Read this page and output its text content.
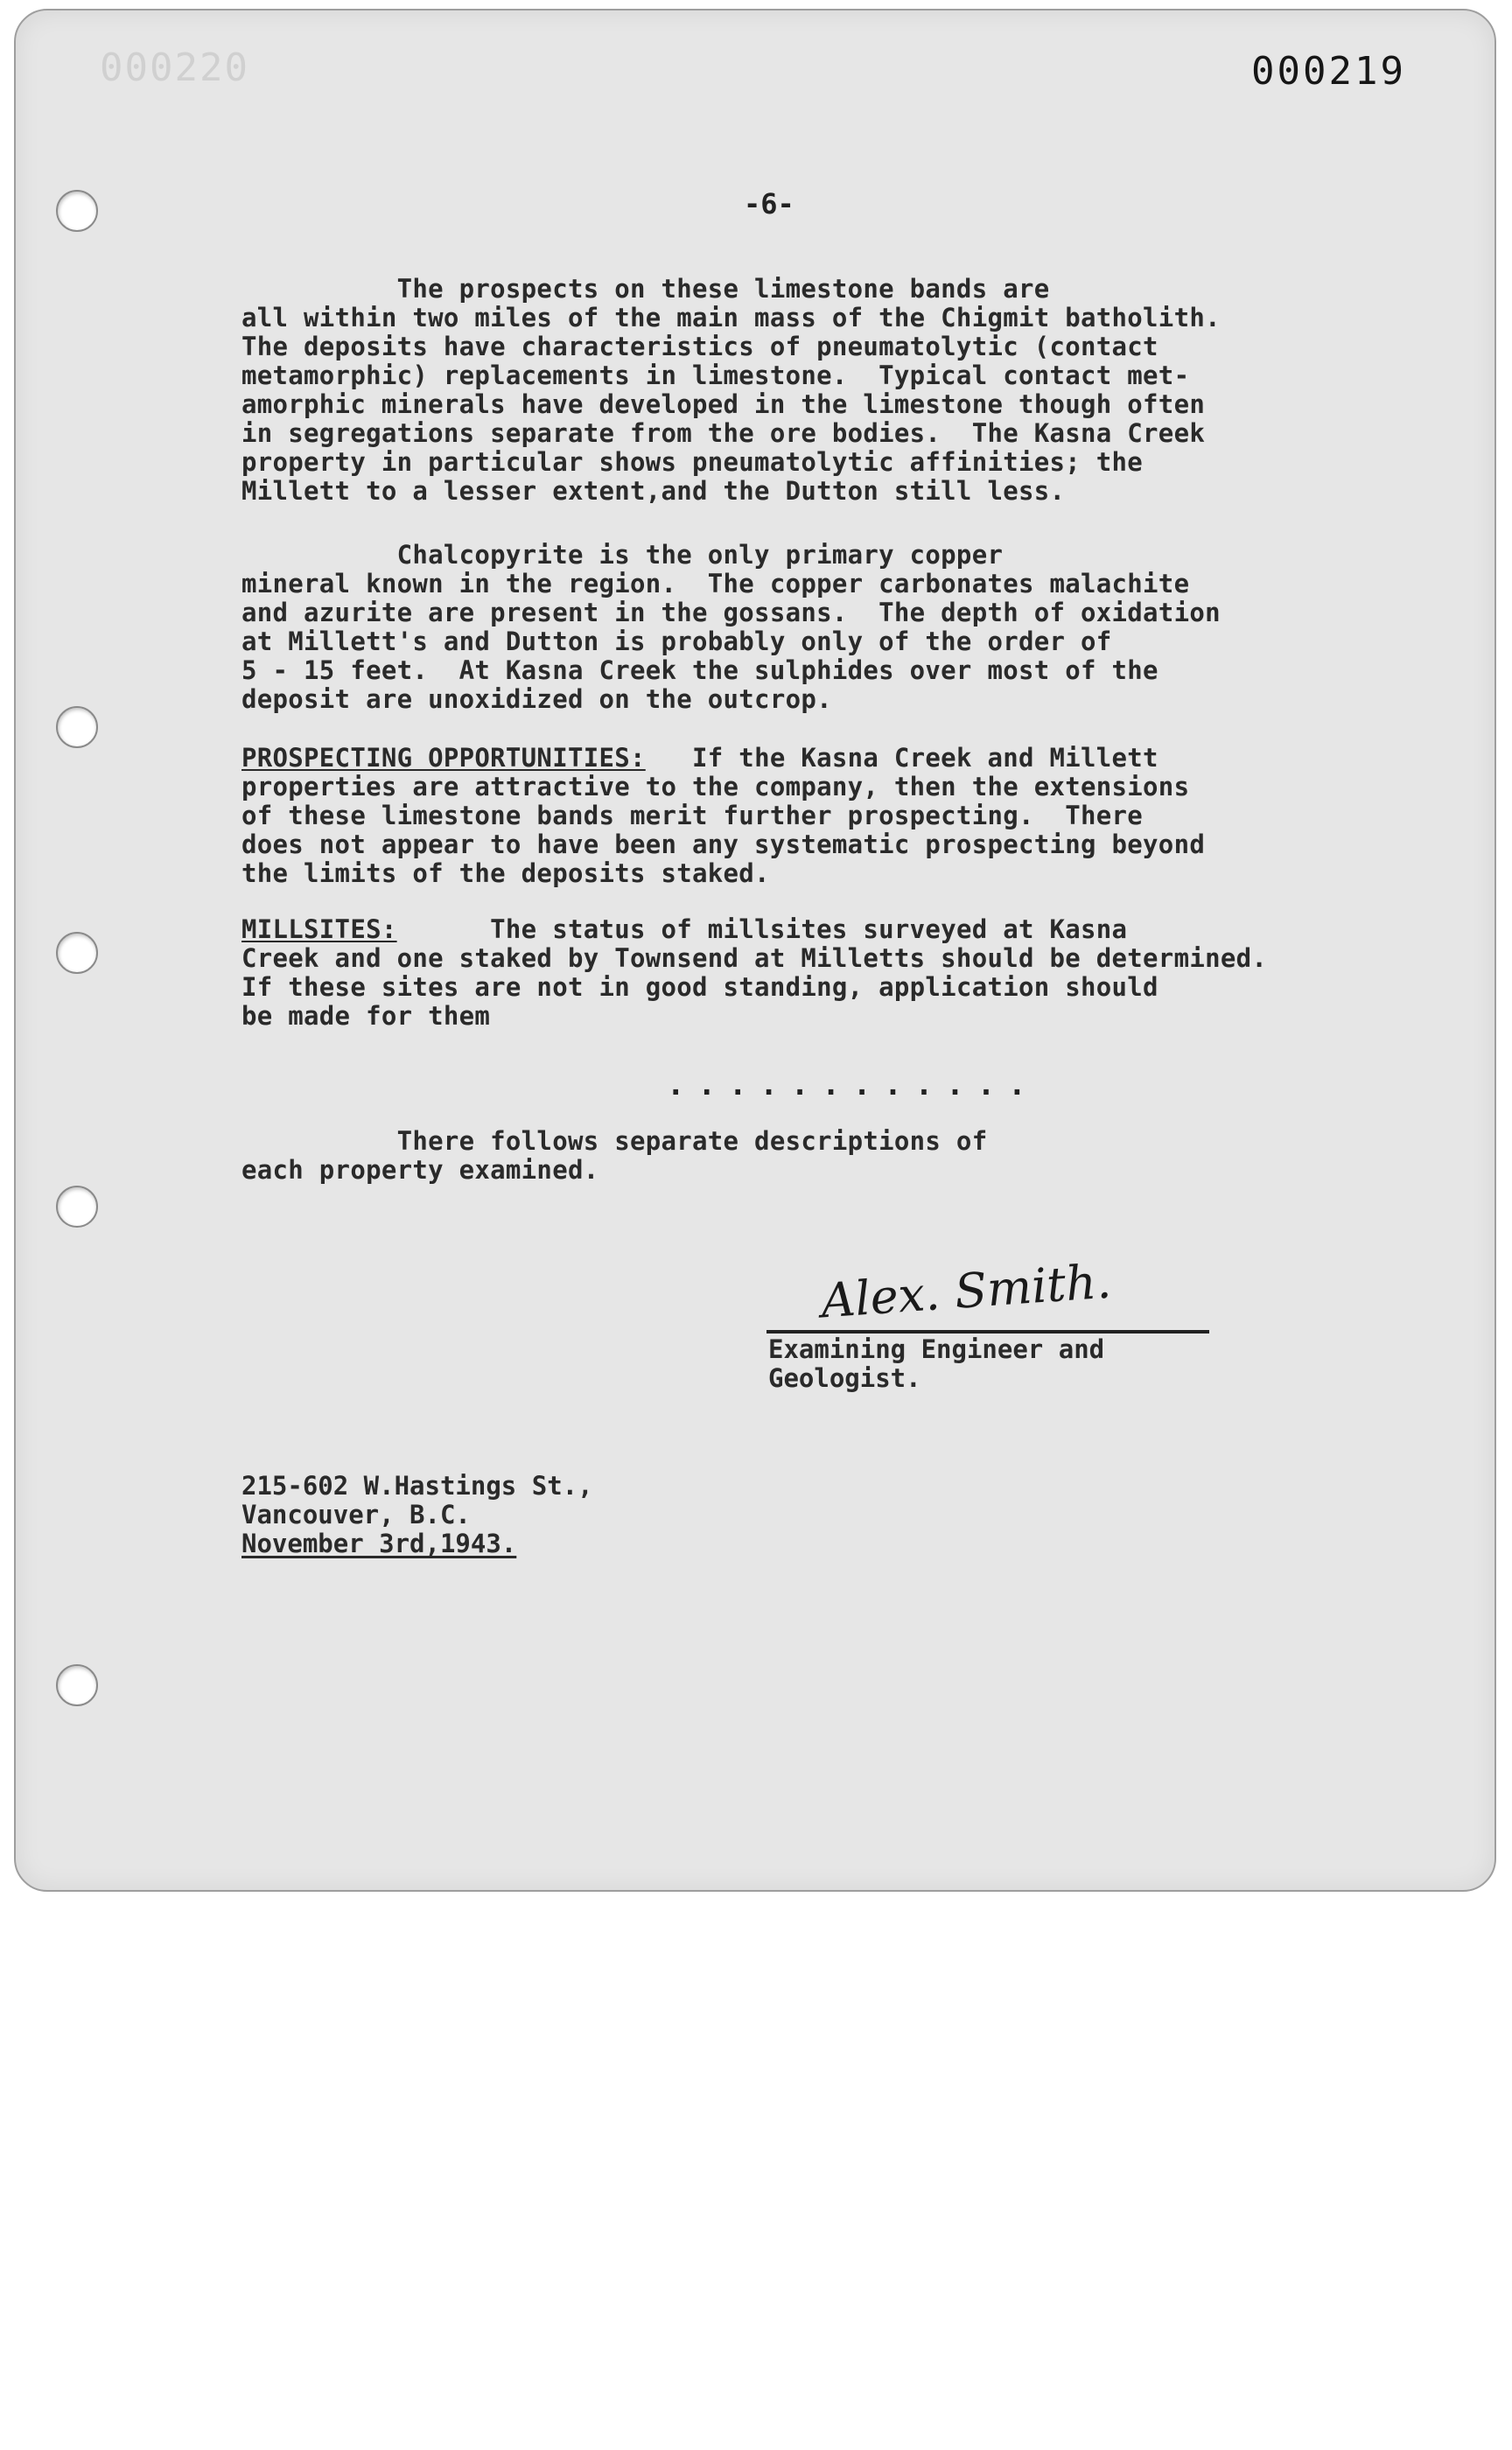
000220	000219
-6-
The prospects on these limestone bands are
all within two miles of the main mass of the Chigmit batholith.
The deposits have characteristics of pneumatolytic (contact
metamorphic) replacements in limestone.  Typical contact met-
amorphic minerals have developed in the limestone though often
in segregations separate from the ore bodies.  The Kasna Creek
property in particular shows pneumatolytic affinities; the
Millett to a lesser extent,and the Dutton still less.
Chalcopyrite is the only primary copper
mineral known in the region.  The copper carbonates malachite
and azurite are present in the gossans.  The depth of oxidation
at Millett's and Dutton is probably only of the order of
5 - 15 feet.  At Kasna Creek the sulphides over most of the
deposit are unoxidized on the outcrop.
PROSPECTING OPPORTUNITIES:   If the Kasna Creek and Millett
properties are attractive to the company, then the extensions
of these limestone bands merit further prospecting.  There
does not appear to have been any systematic prospecting beyond
the limits of the deposits staked.
MILLSITES:	The status of millsites surveyed at Kasna
Creek and one staked by Townsend at Milletts should be determined.
If these sites are not in good standing, application should
be made for them
............
There follows separate descriptions of
each property examined.
Alex. Smith.
Examining Engineer and
Geologist.
215-602 W.Hastings St.,
Vancouver, B.C.
November 3rd,1943.
